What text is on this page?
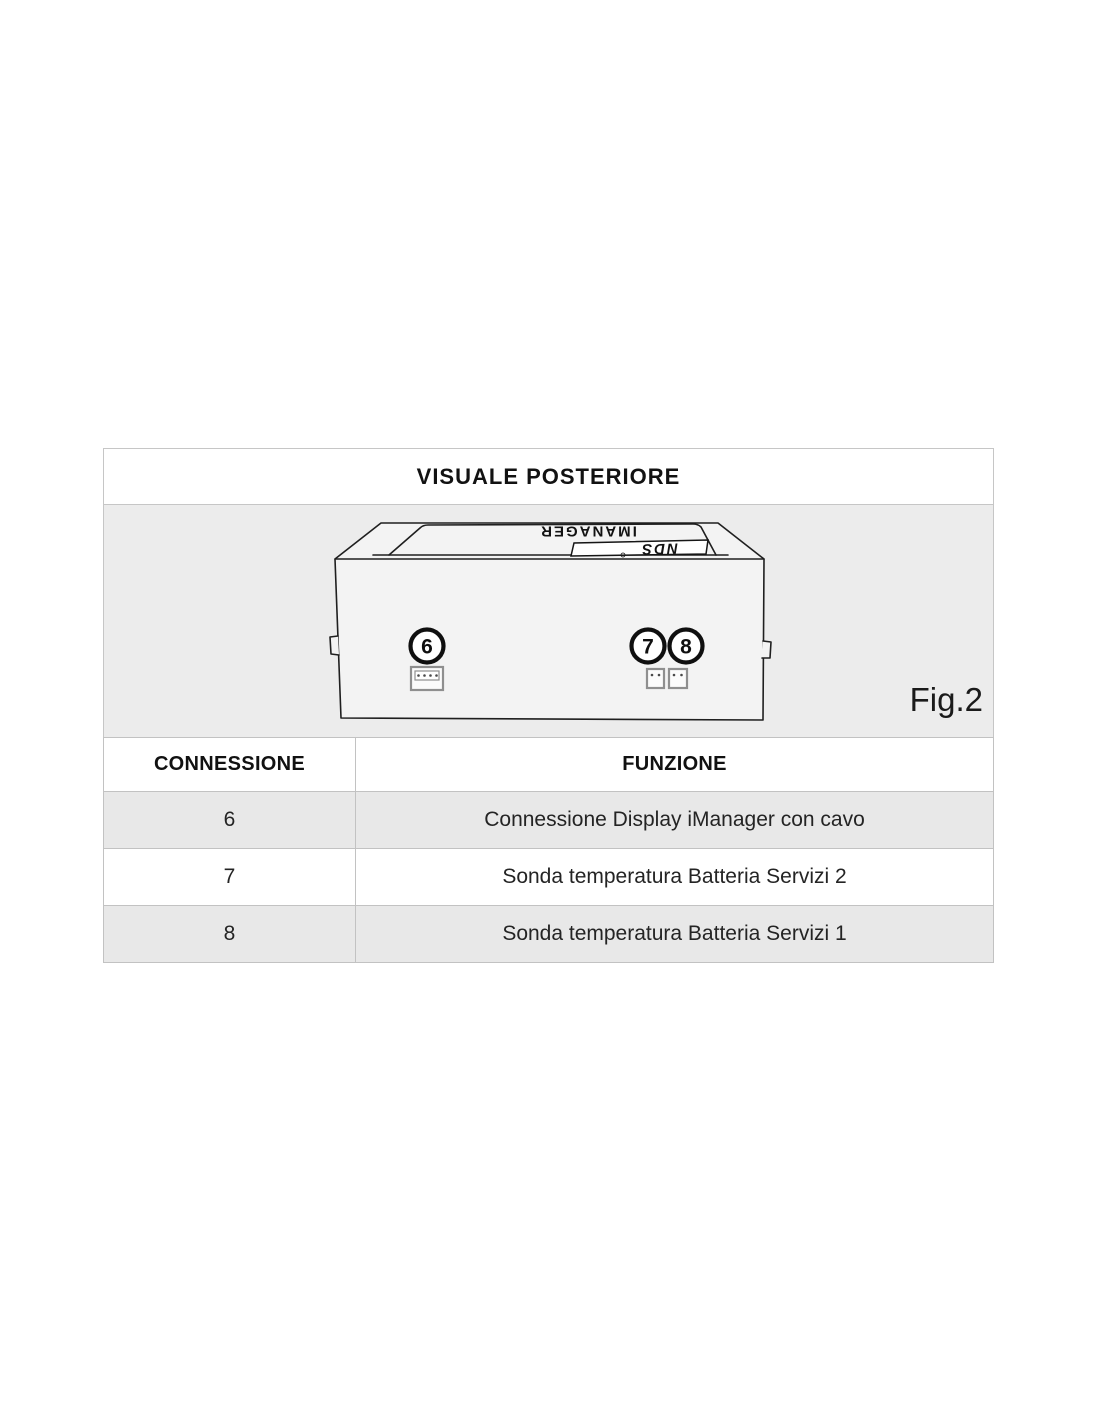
VISUALE POSTERIORE
NDS
IMANAGER
6	7 8
Fig.2
CONNESSIONE	FUNZIONE
6	Connessione Display iManager con cavo
7	Sonda temperatura Batteria Servizi 2
8	Sonda temperatura Batteria Servizi 1
